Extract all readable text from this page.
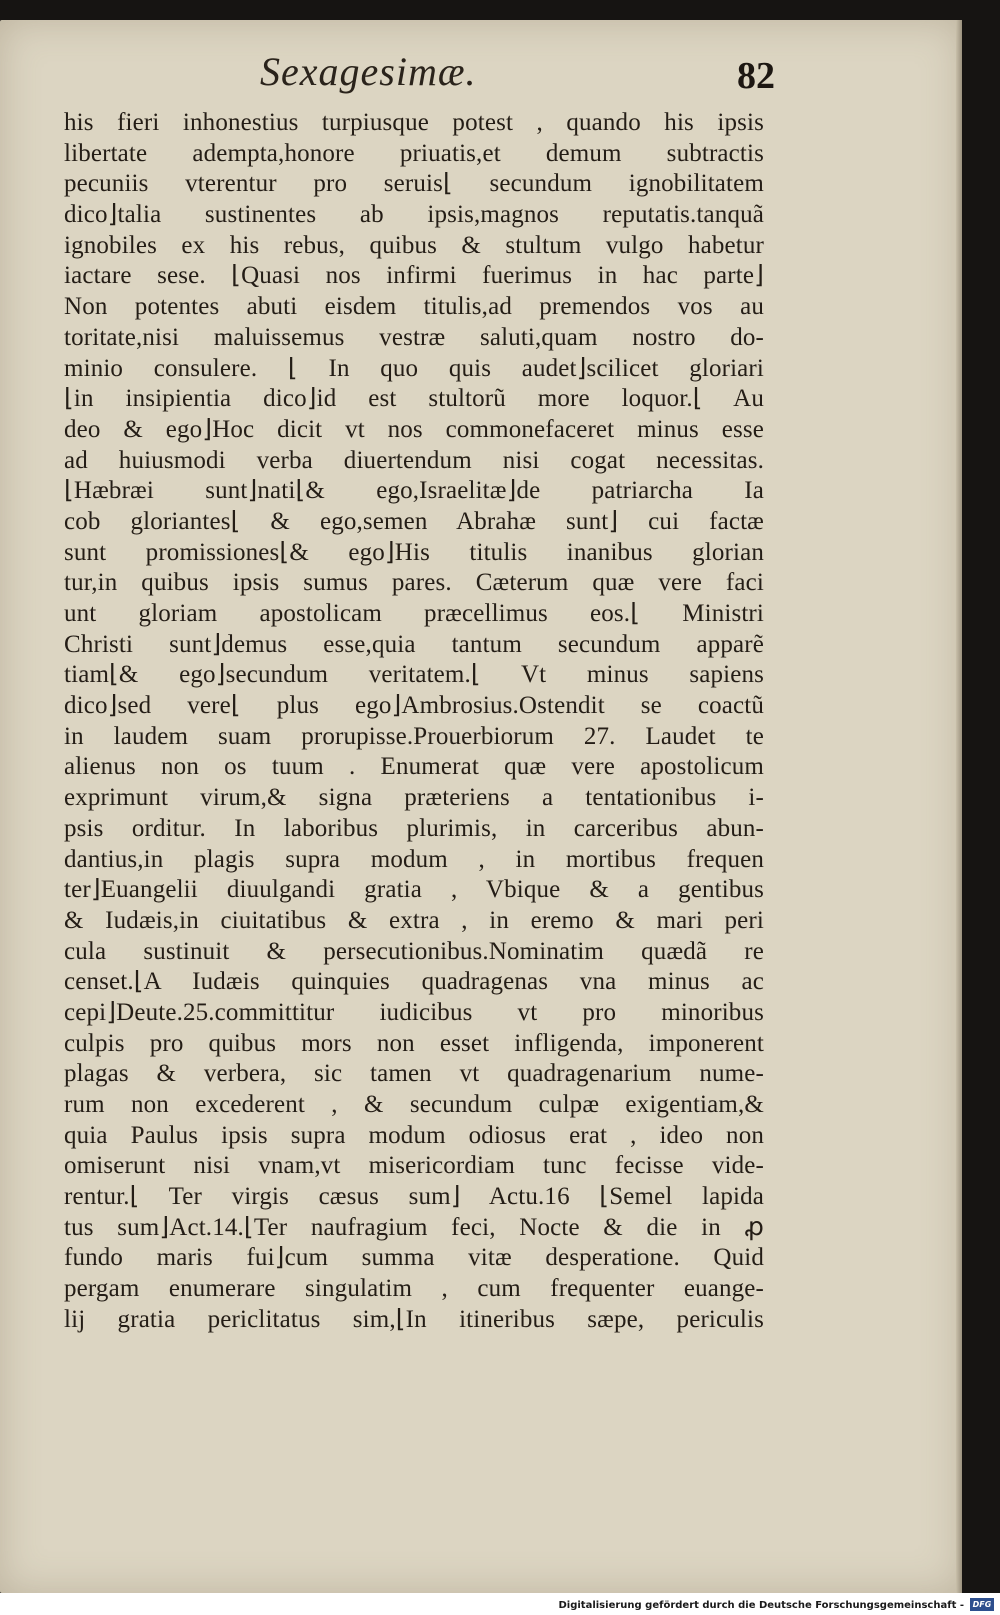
Sexagesimæ.	82
his fieri inhonestius turpiusque potest , quando his ipsis
libertate adempta,honore priuatis,et demum subtractis
pecuniis vterentur pro seruis⌊ secundum ignobilitatem
dico⌋talia sustinentes ab ipsis,magnos reputatis.tanquã
ignobiles ex his rebus, quibus & stultum vulgo habetur
iactare sese. ⌊Quasi nos infirmi fuerimus in hac parte⌋
Non potentes abuti eisdem titulis,ad premendos vos au
toritate,nisi maluissemus vestræ saluti,quam nostro do-
minio consulere. ⌊ In quo quis audet⌋scilicet gloriari
⌊in insipientia dico⌋id est stultorũ more loquor.⌊ Au
deo & ego⌋Hoc dicit vt nos commonefaceret minus esse
ad huiusmodi verba diuertendum nisi cogat necessitas.
⌊Hæbræi sunt⌋nati⌊& ego,Israelitæ⌋de patriarcha Ia
cob gloriantes⌊ & ego,semen Abrahæ sunt⌋ cui factæ
sunt promissiones⌊& ego⌋His titulis inanibus glorian
tur,in quibus ipsis sumus pares. Cæterum quæ vere faci
unt gloriam apostolicam præcellimus eos.⌊ Ministri
Christi sunt⌋demus esse,quia tantum secundum apparẽ
tiam⌊& ego⌋secundum veritatem.⌊ Vt minus sapiens
dico⌋sed vere⌊ plus ego⌋Ambrosius.Ostendit se coactũ
in laudem suam prorupisse.Prouerbiorum 27. Laudet te
alienus non os tuum . Enumerat quæ vere apostolicum
exprimunt virum,& signa præteriens a tentationibus i-
psis orditur. In laboribus plurimis, in carceribus abun-
dantius,in plagis supra modum , in mortibus frequen
ter⌋Euangelii diuulgandi gratia , Vbique & a gentibus
& Iudæis,in ciuitatibus & extra , in eremo & mari peri
cula sustinuit & persecutionibus.Nominatim quædã re
censet.⌊A Iudæis quinquies quadragenas vna minus ac
cepi⌋Deute.25.committitur iudicibus vt pro minoribus
culpis pro quibus mors non esset infligenda, imponerent
plagas & verbera, sic tamen vt quadragenarium nume-
rum non excederent , & secundum culpæ exigentiam,&
quia Paulus ipsis supra modum odiosus erat , ideo non
omiserunt nisi vnam,vt misericordiam tunc fecisse vide-
rentur.⌊ Ter virgis cæsus sum⌋ Actu.16 ⌊Semel lapida
tus sum⌋Act.14.⌊Ter naufragium feci, Nocte & die in ꝓ
fundo maris fui⌋cum summa vitæ desperatione. Quid
pergam enumerare singulatim , cum frequenter euange-
lij gratia periclitatus sim,⌊In itineribus sæpe, periculis
Digitalisierung gefördert durch die Deutsche Forschungsgemeinschaft -	DFG
